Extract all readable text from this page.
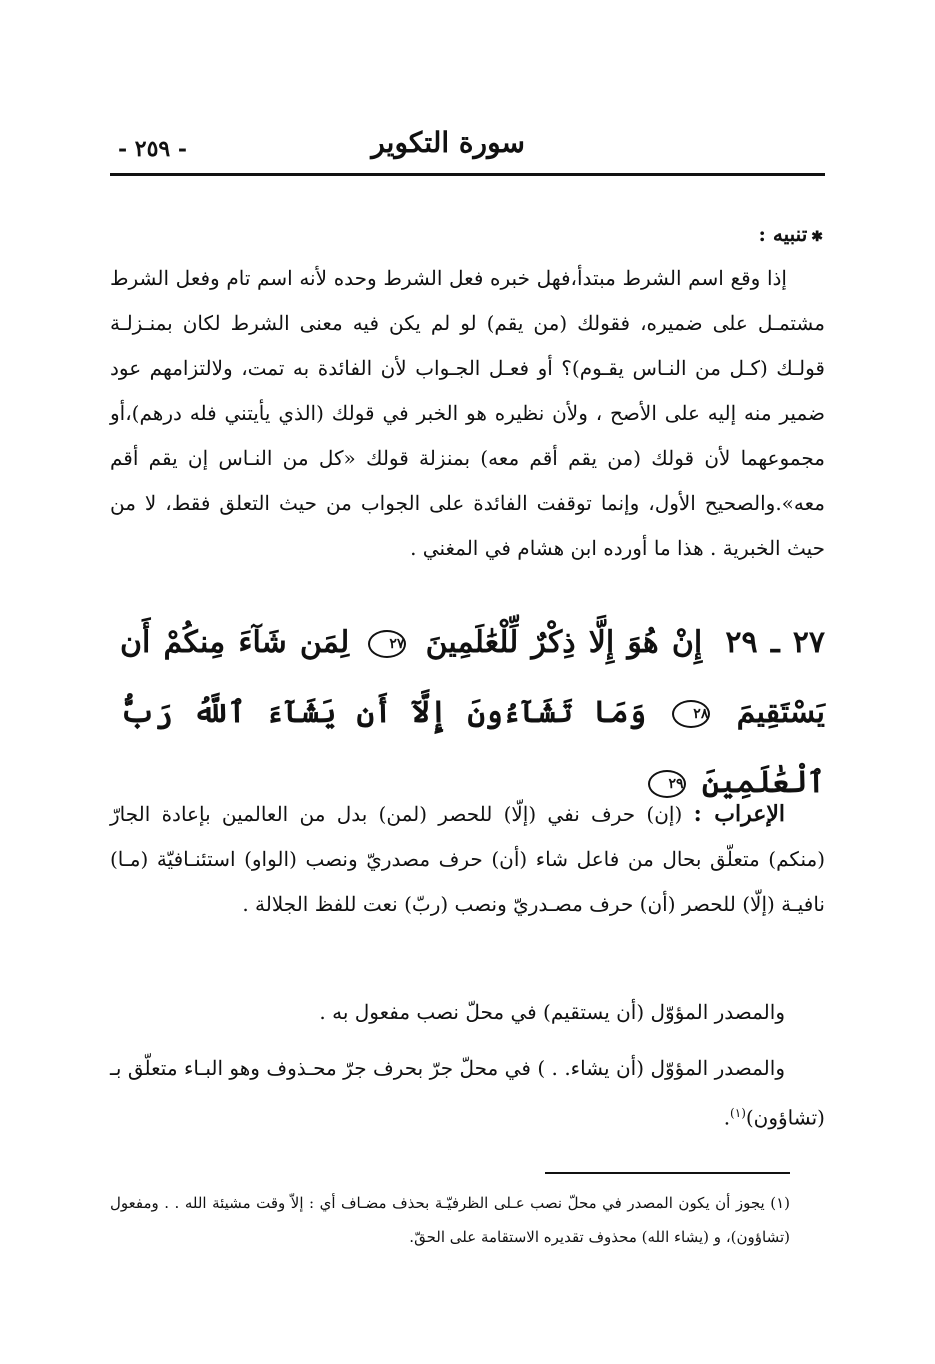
سورة التكوير
- ٢٥٩ -
✱تنبيه :
إذا وقع اسم الشرط مبتدأ،فهل خبره فعل الشرط وحده لأنه اسم تام وفعل الشرط مشتمـل على ضميره، فقولك (من يقم) لو لم يكن فيه معنى الشرط لكان بمنـزلـة قولـك (كـل من النـاس يقـوم)؟ أو فعـل الجـواب لأن الفائدة به تمت، ولالتزامهم عود ضمير منه إليه على الأصح ، ولأن نظيره هو الخبر في قولك (الذي يأيتني فله درهم)،أو مجموعهما لأن قولك (من يقم أقم معه) بمنزلة قولك «كل من النـاس إن يقم أقم معه».والصحيح الأول، وإنما توقفت الفائدة على الجواب من حيث التعلق فقط، لا من حيث الخبرية . هذا ما أورده ابن هشام في المغني .
٢٧ ـ ٢٩ إِنْ هُوَ إِلَّا ذِكْرٌ لِّلْعَٰلَمِينَ ٢٧ لِمَن شَآءَ مِنكُمْ أَن يَسْتَقِيمَ ٢٨ وَمَا تَشَآءُونَ إِلَّآ أَن يَشَآءَ ٱللَّهُ رَبُّ ٱلْعَٰلَمِينَ ٢٩
الإعراب : (إن) حرف نفي (إلّا) للحصر (لمن) بدل من العالمين بإعادة الجارّ (منكم) متعلّق بحال من فاعل شاء (أن) حرف مصدريّ ونصب (الواو) استئنـافيّة (مـا) نافيـة (إلّا) للحصر (أن) حرف مصـدريّ ونصب (ربّ) نعت للفظ الجلالة .
والمصدر المؤوّل (أن يستقيم) في محلّ نصب مفعول به .
والمصدر المؤوّل (أن يشاء. . ) في محلّ جرّ بحرف جرّ محـذوف وهو البـاء متعلّق بـ (تشاؤون)$^{(١)}$.
(١) يجوز أن يكون المصدر في محلّ نصب عـلى الظرفيّـة بحذف مضـاف أي : إلاّ وقت مشيئة الله . . ومفعول (تشاؤون)، و (يشاء الله) محذوف تقديره الاستقامة على الحقّ.
